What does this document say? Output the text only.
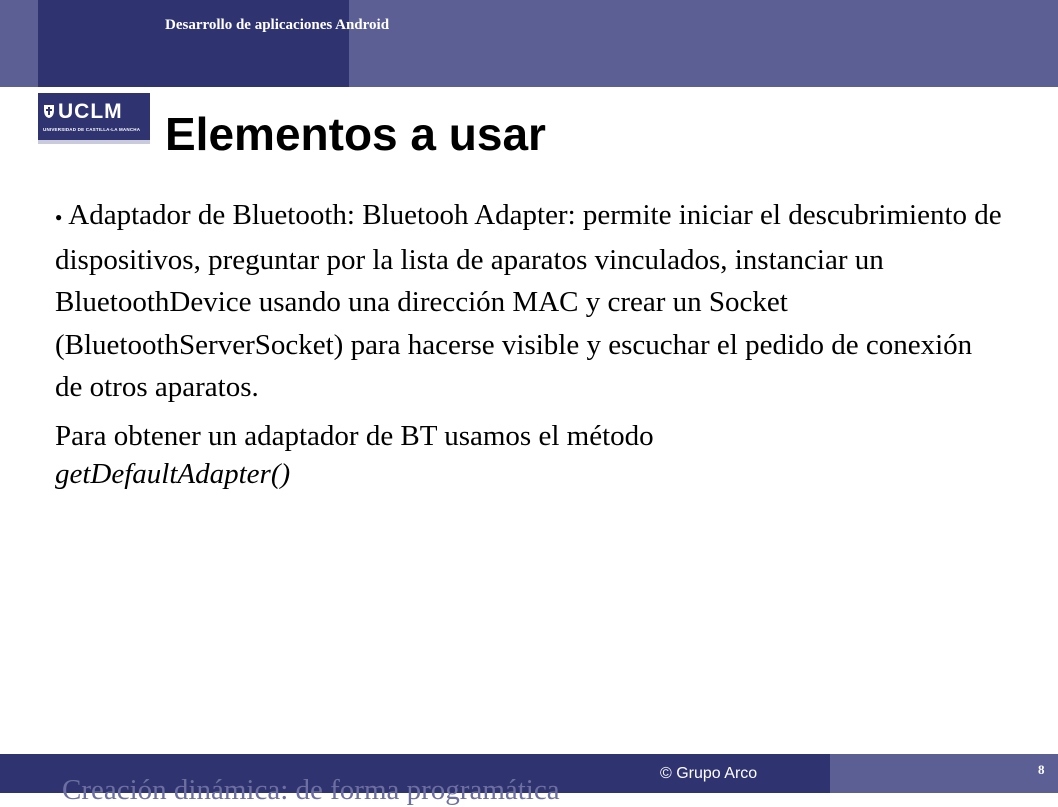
Desarrollo de aplicaciones Android
UCLM
UNIVERSIDAD DE CASTILLA-LA MANCHA Elementos a usar

● Adaptador de Bluetooth: Bluetooh Adapter: permite iniciar el descubrimiento de dispositivos, preguntar por la lista de aparatos vinculados, instanciar un BluetoothDevice usando una dirección MAC y crear un Socket (BluetoothServerSocket) para hacerse visible y escuchar el pedido de conexión de otros aparatos.

Para obtener un adaptador de BT usamos el método
getDefaultAdapter()

Creación dinámica: de forma programática
© Grupo Arco	8
